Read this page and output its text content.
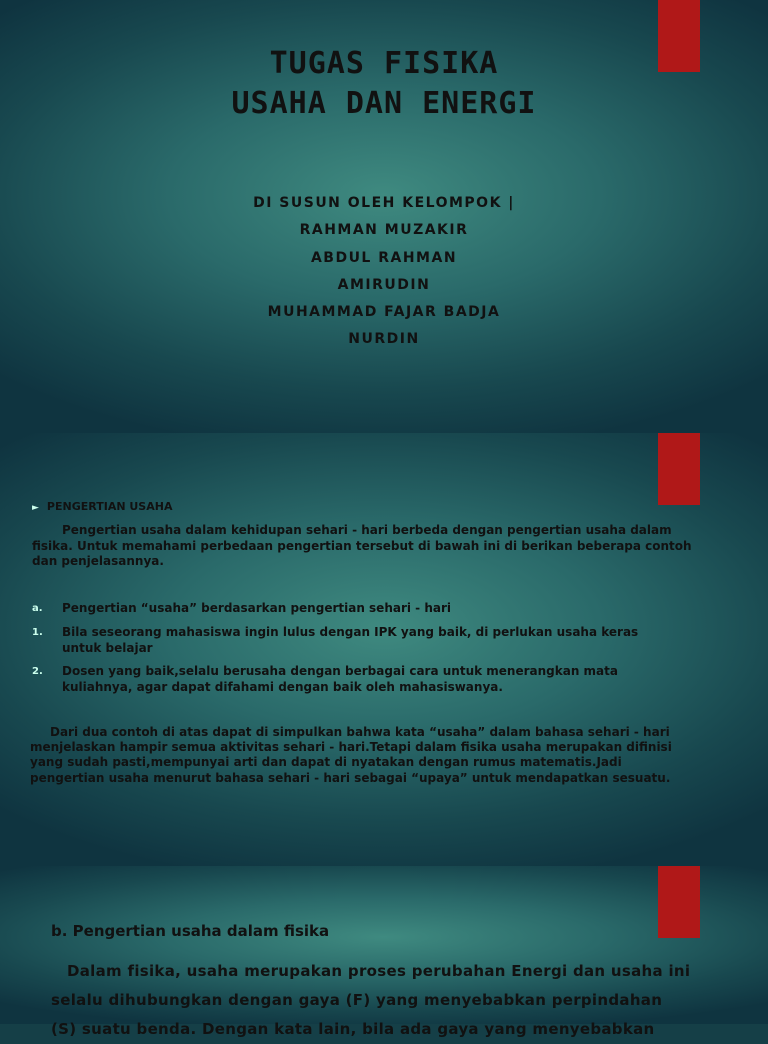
TUGAS FISIKA
USAHA DAN ENERGI
DI SUSUN OLEH KELOMPOK |
RAHMAN MUZAKIR
ABDUL RAHMAN
AMIRUDIN
MUHAMMAD FAJAR BADJA
NURDIN
► PENGERTIAN USAHA
Pengertian usaha dalam kehidupan sehari - hari berbeda dengan pengertian usaha dalam fisika. Untuk memahami perbedaan pengertian tersebut di bawah ini di berikan beberapa contoh dan penjelasannya.
a. Pengertian “usaha” berdasarkan pengertian sehari - hari
1. Bila seseorang mahasiswa ingin lulus dengan IPK yang baik, di perlukan usaha keras untuk belajar
2. Dosen yang baik,selalu berusaha dengan berbagai cara untuk menerangkan mata kuliahnya, agar dapat difahami dengan baik oleh mahasiswanya.
Dari dua contoh di atas dapat di simpulkan bahwa kata “usaha” dalam bahasa sehari - hari menjelaskan hampir semua aktivitas sehari - hari.Tetapi dalam fisika usaha merupakan difinisi yang sudah pasti,mempunyai arti dan dapat di nyatakan dengan rumus matematis.Jadi pengertian usaha menurut bahasa sehari - hari sebagai “upaya” untuk mendapatkan sesuatu.
b. Pengertian usaha dalam fisika
Dalam fisika, usaha merupakan proses perubahan Energi dan usaha ini selalu dihubungkan dengan gaya (F) yang menyebabkan perpindahan (S) suatu benda. Dengan kata lain, bila ada gaya yang menyebabkan
